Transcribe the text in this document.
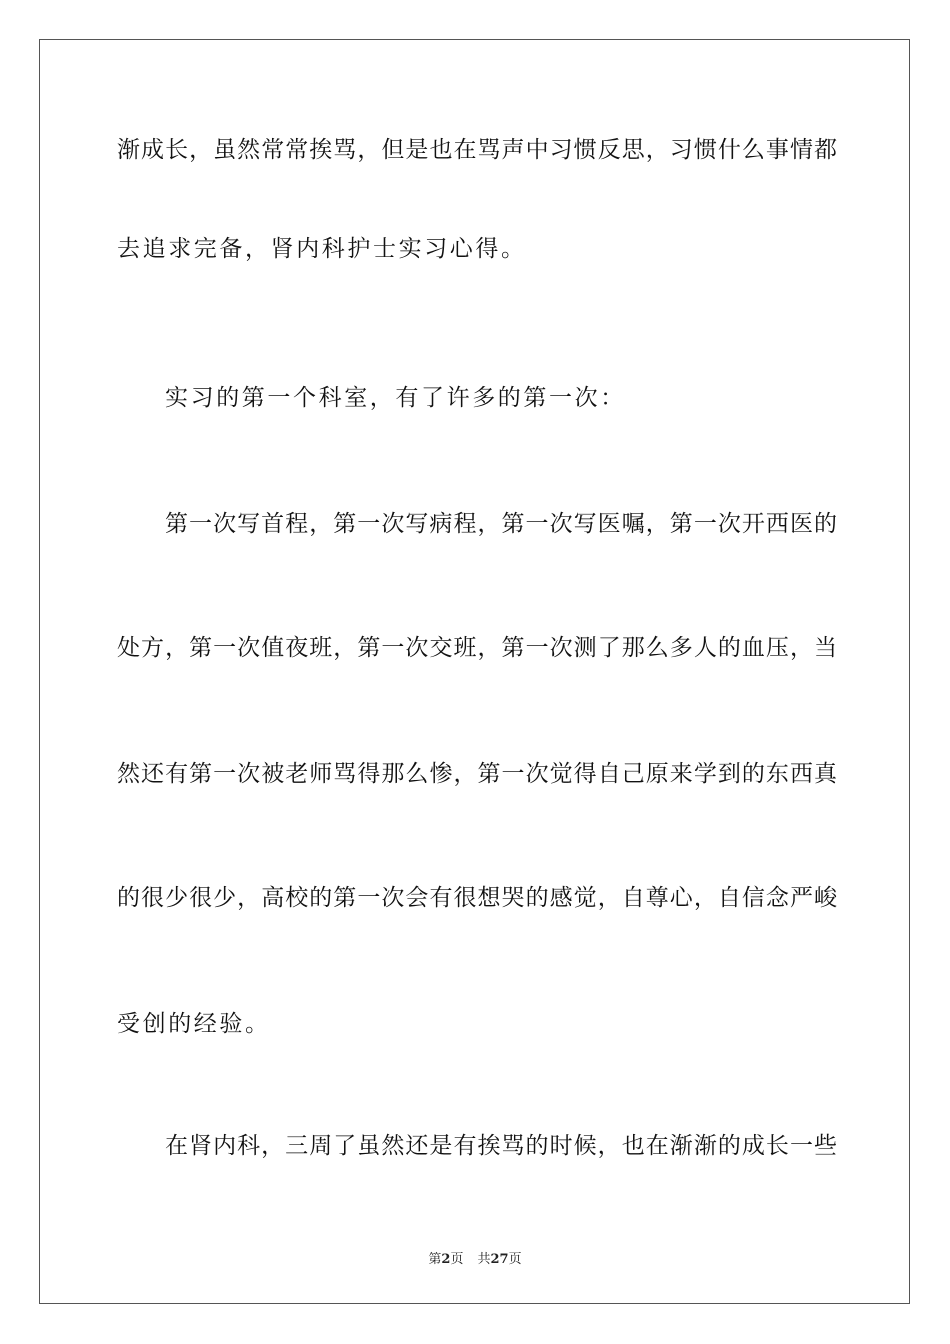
渐成长，虽然常常挨骂，但是也在骂声中习惯反思，习惯什么事情都
去追求完备，肾内科护士实习心得。
实习的第一个科室，有了许多的第一次：
第一次写首程，第一次写病程，第一次写医嘱，第一次开西医的
处方，第一次值夜班，第一次交班，第一次测了那么多人的血压，当
然还有第一次被老师骂得那么惨，第一次觉得自己原来学到的东西真
的很少很少，高校的第一次会有很想哭的感觉，自尊心，自信念严峻
受创的经验。
在肾内科，三周了虽然还是有挨骂的时候，也在渐渐的成长一些
第2页 共27页
